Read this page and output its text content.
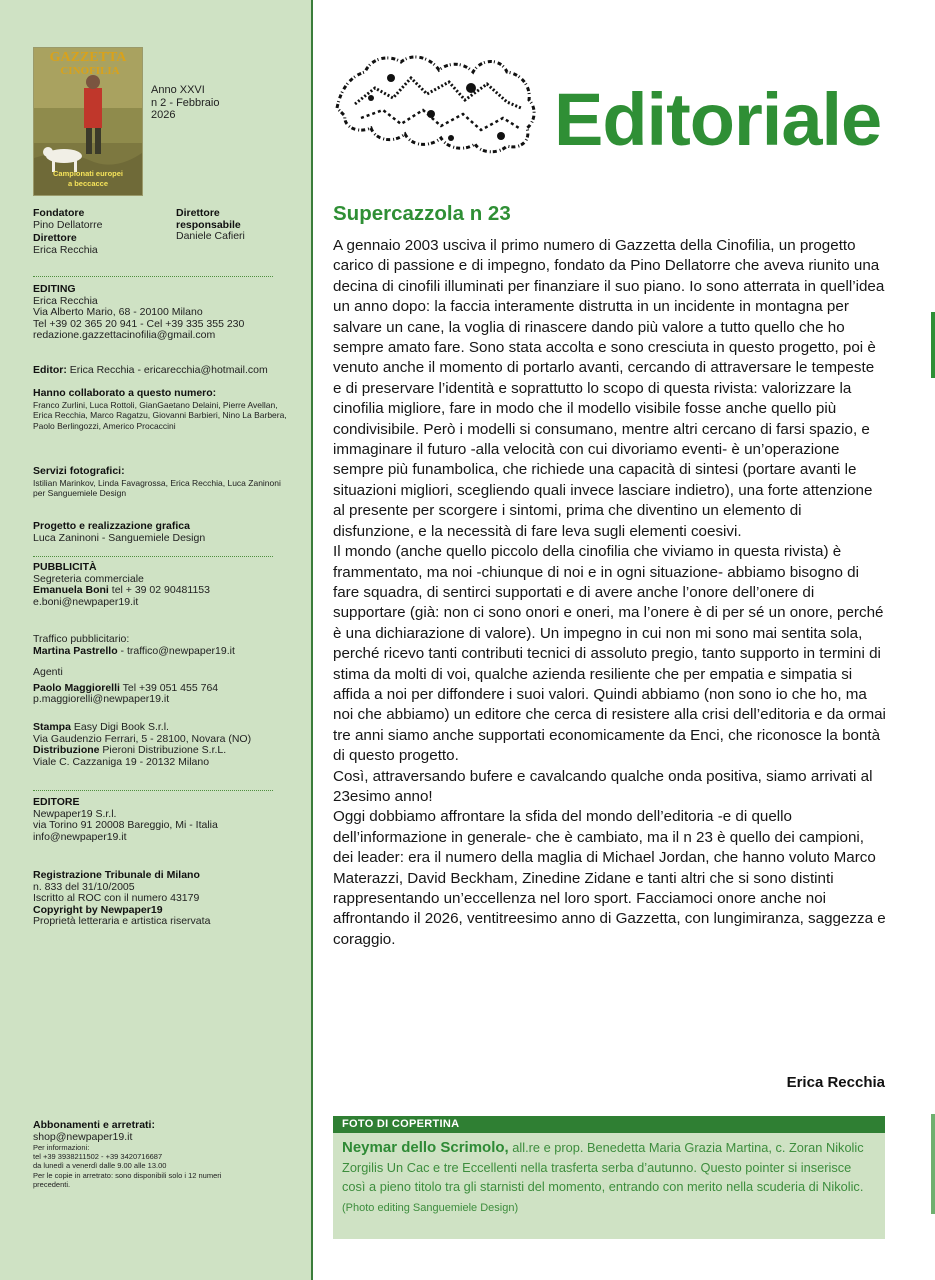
GAZZETTA
CINOFILIA
Campionati europei
a beccacce
Anno XXVI
n 2 - Febbraio
2026
Fondatore
Pino Dellatorre
Direttore
Erica Recchia
Direttore
responsabile
Daniele Cafieri
EDITING
Erica Recchia
Via Alberto Mario, 68 - 20100 Milano
Tel +39 02 365 20 941 - Cel +39 335 355 230
redazione.gazzettacinofilia@gmail.com
Editor: Erica Recchia - ericarecchia@hotmail.com
Hanno collaborato a questo numero:
Franco Zurlini, Luca Rottoli, GianGaetano Delaini, Pierre Avellan,
Erica Recchia, Marco Ragatzu, Giovanni Barbieri, Nino La Barbera,
Paolo Berlingozzi, Americo Procaccini
Servizi fotografici:
Istilian Marinkov, Linda Favagrossa, Erica Recchia, Luca Zaninoni
per Sanguemiele Design
Progetto e realizzazione grafica
Luca Zaninoni - Sanguemiele Design
PUBBLICITÀ
Segreteria commerciale
Emanuela Boni tel + 39 02 90481153
e.boni@newpaper19.it
Traffico pubblicitario:
Martina Pastrello - traffico@newpaper19.it
Agenti
Paolo Maggiorelli Tel +39 051 455 764
p.maggiorelli@newpaper19.it
Stampa Easy Digi Book S.r.l.
Via Gaudenzio Ferrari, 5 - 28100, Novara (NO)
Distribuzione Pieroni Distribuzione S.r.L.
Viale C. Cazzaniga 19 - 20132 Milano
EDITORE
Newpaper19 S.r.l.
via Torino 91 20008 Bareggio, Mi - Italia
info@newpaper19.it
Registrazione Tribunale di Milano
n. 833 del 31/10/2005
Iscritto al ROC con il numero 43179
Copyright by Newpaper19
Proprietà letteraria e artistica riservata
Abbonamenti e arretrati:
shop@newpaper19.it
Per informazioni:
tel +39 3938211502 - +39 3420716687
da lunedì a venerdì dalle 9.00 alle 13.00
Per le copie in arretrato: sono disponibili solo i 12 numeri
precedenti.
Editoriale
Supercazzola n 23

A gennaio 2003 usciva il primo numero di Gazzetta della Cinofilia, un progetto carico di passione e di impegno, fondato da Pino Dellatorre che aveva riunito una decina di cinofili illuminati per finanziare il suo piano. Io sono atterrata in quell’idea un anno dopo: la faccia interamente distrutta in un incidente in montagna per salvare un cane, la voglia di rinascere dando più valore a tutto quello che ho sempre amato fare. Sono stata accolta e sono cresciuta in questo progetto, poi è venuto anche il momento di portarlo avanti, cercando di attraversare le tempeste e di preservare l’identità e soprattutto lo scopo di questa rivista: valorizzare la cinofilia migliore, fare in modo che il modello visibile fosse anche quello più condivisibile. Però i modelli si consumano, mentre altri cercano di farsi spazio, e immaginare il futuro -alla velocità con cui divoriamo eventi- è un’operazione sempre più funambolica, che richiede una capacità di sintesi (portare avanti le situazioni migliori, scegliendo quali invece lasciare indietro), una forte attenzione al presente per scorgere i sintomi, prima che diventino un elemento di disfunzione, e la necessità di fare leva sugli elementi coesivi.

Il mondo (anche quello piccolo della cinofilia che viviamo in questa rivista) è frammentato, ma noi -chiunque di noi e in ogni situazione- abbiamo bisogno di fare squadra, di sentirci supportati e di avere anche l’onore dell’onere di supportare (già: non ci sono onori e oneri, ma l’onere è di per sé un onore, perché è una dichiarazione di valore). Un impegno in cui non mi sono mai sentita sola, perché ricevo tanti contributi tecnici di assoluto pregio, tanto supporto in termini di stima da molti di voi, qualche azienda resiliente che per empatia e simpatia si affida a noi per diffondere i suoi valori. Quindi abbiamo (non sono io che ho, ma noi che abbiamo) un editore che cerca di resistere alla crisi dell’editoria e da ormai tre anni siamo anche supportati economicamente da Enci, che riconosce la bontà di questo progetto.

Così, attraversando bufere e cavalcando qualche onda positiva, siamo arrivati al 23esimo anno!

Oggi dobbiamo affrontare la sfida del mondo dell’editoria -e di quello dell’informazione in generale- che è cambiato, ma il n 23 è quello dei campioni, dei leader: era il numero della maglia di Michael Jordan, che hanno voluto Marco Materazzi, David Beckham, Zinedine Zidane e tanti altri che si sono distinti rappresentando un’eccellenza nel loro sport. Facciamoci onore anche noi affrontando il 2026, ventitreesimo anno di Gazzetta, con lungimiranza, saggezza e coraggio.

Erica Recchia
FOTO DI COPERTINA
Neymar dello Scrimolo, all.re e prop. Benedetta Maria Grazia Martina, c. Zoran Nikolic Zorgilis Un Cac e tre Eccellenti nella trasferta serba d’autunno. Questo pointer si inserisce così a pieno titolo tra gli starnisti del momento, entrando con merito nella scuderia di Nikolic. (Photo editing Sanguemiele Design)
